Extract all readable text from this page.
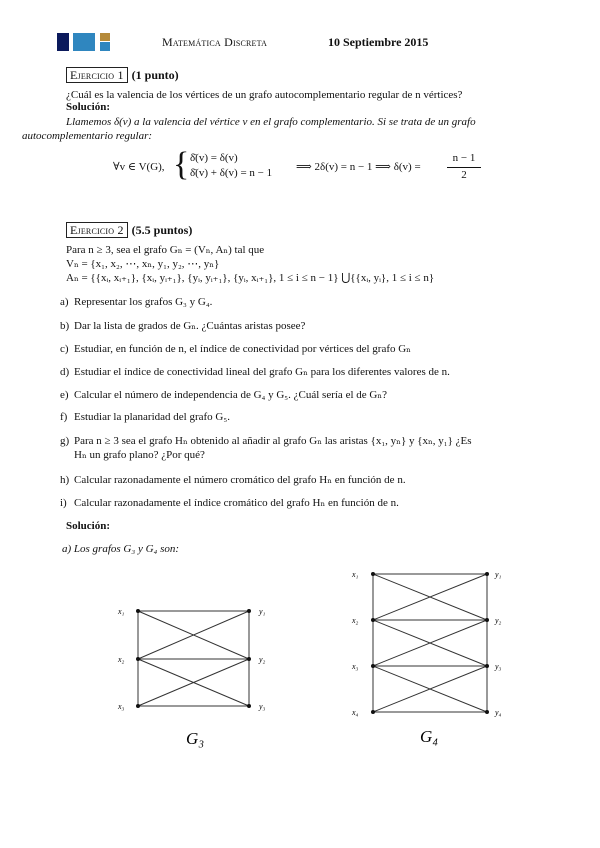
Matemática Discreta	10 Septiembre 2015
Ejercicio 1 (1 punto)
¿Cuál es la valencia de los vértices de un grafo autocomplementario regular de n vértices?
Solución:
Llamemos δ(v) a la valencia del vértice v en el grafo complementario. Si se trata de un grafo
autocomplementario regular:
∀v ∈ V(G), { δ̄(v) = δ(v)
δ̄(v) + δ(v) = n − 1 ⟹ 2δ(v) = n − 1 ⟹ δ(v) =
n − 1
2
Ejercicio 2 (5.5 puntos)
Para n ≥ 3, sea el grafo Gₙ = (Vₙ, Aₙ) tal que
Vₙ = {x₁, x₂, ⋯, xₙ, y₁, y₂, ⋯, yₙ}
Aₙ = {{xᵢ, xᵢ₊₁}, {xᵢ, yᵢ₊₁}, {yᵢ, yᵢ₊₁}, {yᵢ, xᵢ₊₁}, 1 ≤ i ≤ n − 1} ⋃{{xᵢ, yᵢ}, 1 ≤ i ≤ n}
a) Representar los grafos G₃ y G₄.
b) Dar la lista de grados de Gₙ. ¿Cuántas aristas posee?
c) Estudiar, en función de n, el índice de conectividad por vértices del grafo Gₙ
d) Estudiar el índice de conectividad lineal del grafo Gₙ para los diferentes valores de n.
e) Calcular el número de independencia de G₄ y G₅. ¿Cuál sería el de Gₙ?
f) Estudiar la planaridad del grafo G₅.
g) Para n ≥ 3 sea el grafo Hₙ obtenido al añadir al grafo Gₙ las aristas {x₁, yₙ} y {xₙ, y₁} ¿Es
Hₙ un grafo plano? ¿Por qué?
h) Calcular razonadamente el número cromático del grafo Hₙ en función de n.
i) Calcular razonadamente el índice cromático del grafo Hₙ en función de n.
Solución:
a) Los grafos G₃ y G₄ son:
x₁
x₂
x₃
y₁
y₂
y₃
G₃
x₁
x₂
x₃
x₄
y₁
y₂
y₃
y₄
G₄
